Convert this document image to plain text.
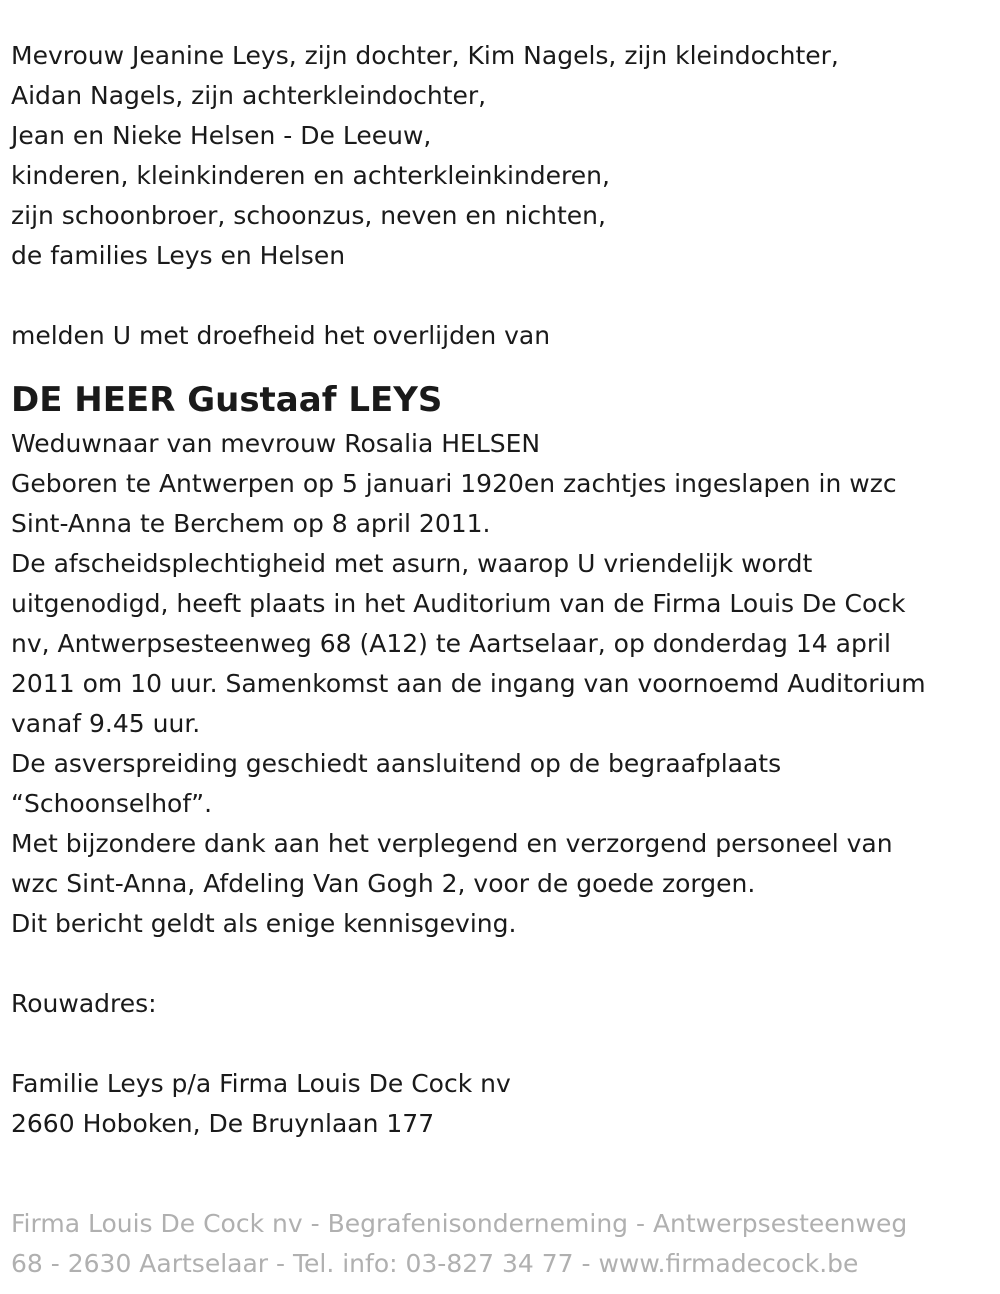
Mevrouw Jeanine Leys, zijn dochter, Kim Nagels, zijn kleindochter,
Aidan Nagels, zijn achterkleindochter,
Jean en Nieke Helsen - De Leeuw,
kinderen, kleinkinderen en achterkleinkinderen,
zijn schoonbroer, schoonzus, neven en nichten,
de families Leys en Helsen
melden U met droefheid het overlijden van
DE HEER Gustaaf LEYS
Weduwnaar van mevrouw Rosalia HELSEN
Geboren te Antwerpen op 5 januari 1920en zachtjes ingeslapen in wzc
Sint-Anna te Berchem op 8 april 2011.
De afscheidsplechtigheid met asurn, waarop U vriendelijk wordt
uitgenodigd, heeft plaats in het Auditorium van de Firma Louis De Cock
nv, Antwerpsesteenweg 68 (A12) te Aartselaar, op donderdag 14 april
2011 om 10 uur. Samenkomst aan de ingang van voornoemd Auditorium
vanaf 9.45 uur.
De asverspreiding geschiedt aansluitend op de begraafplaats
“Schoonselhof”.
Met bijzondere dank aan het verplegend en verzorgend personeel van
wzc Sint-Anna, Afdeling Van Gogh 2, voor de goede zorgen.
Dit bericht geldt als enige kennisgeving.
Rouwadres:
Familie Leys p/a Firma Louis De Cock nv
2660 Hoboken, De Bruynlaan 177
Firma Louis De Cock nv - Begrafenisonderneming - Antwerpsesteenweg
68 - 2630 Aartselaar - Tel. info: 03-827 34 77 - www.firmadecock.be
